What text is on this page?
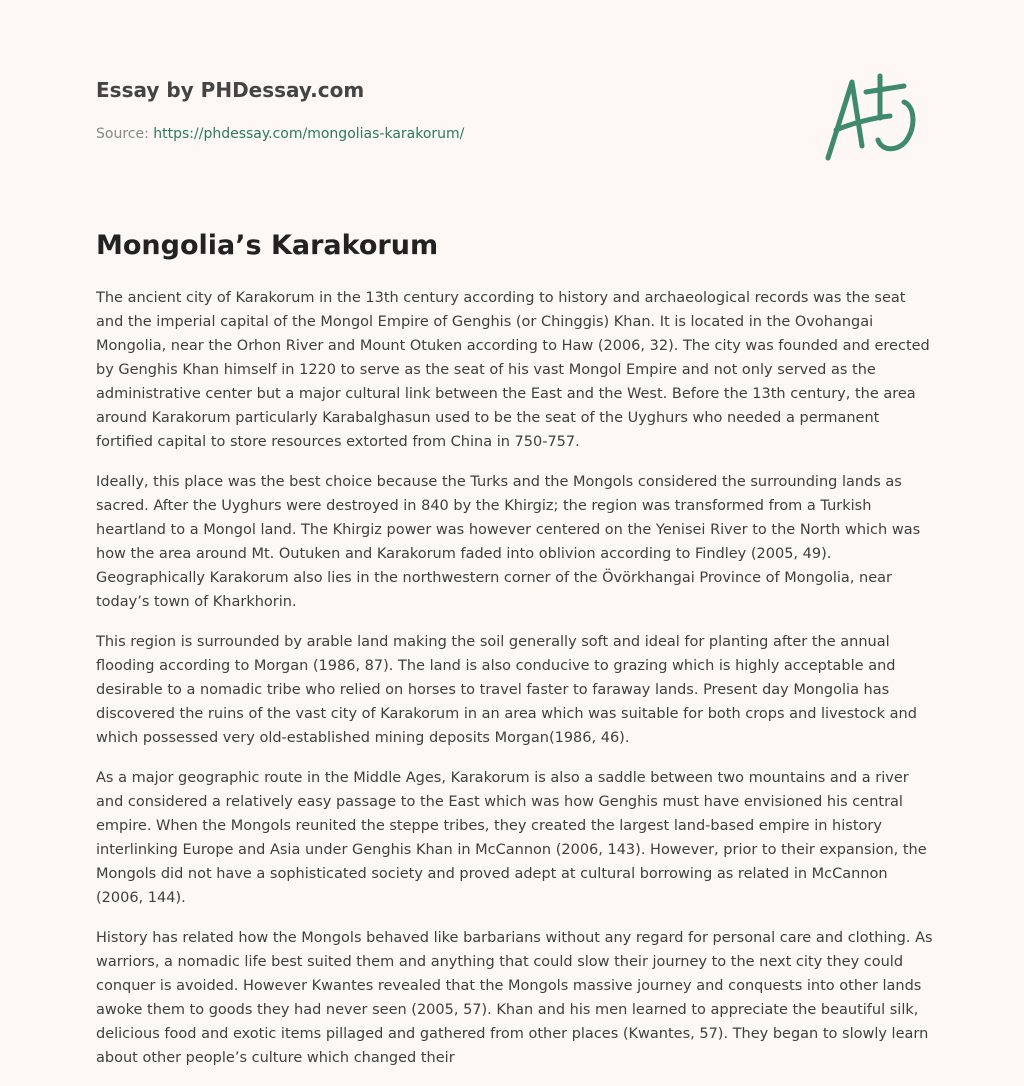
Essay by PHDessay.com
Source: https://phdessay.com/mongolias-karakorum/
Mongolia’s Karakorum

The ancient city of Karakorum in the 13th century according to history and archaeological records was the seat and the imperial capital of the Mongol Empire of Genghis (or Chinggis) Khan. It is located in the Ovohangai Mongolia, near the Orhon River and Mount Otuken according to Haw (2006, 32). The city was founded and erected by Genghis Khan himself in 1220 to serve as the seat of his vast Mongol Empire and not only served as the administrative center but a major cultural link between the East and the West. Before the 13th century, the area around Karakorum particularly Karabalghasun used to be the seat of the Uyghurs who needed a permanent fortified capital to store resources extorted from China in 750-757.

Ideally, this place was the best choice because the Turks and the Mongols considered the surrounding lands as sacred. After the Uyghurs were destroyed in 840 by the Khirgiz; the region was transformed from a Turkish heartland to a Mongol land. The Khirgiz power was however centered on the Yenisei River to the North which was how the area around Mt. Outuken and Karakorum faded into oblivion according to Findley (2005, 49). Geographically Karakorum also lies in the northwestern corner of the Övörkhangai Province of Mongolia, near today’s town of Kharkhorin.

This region is surrounded by arable land making the soil generally soft and ideal for planting after the annual flooding according to Morgan (1986, 87). The land is also conducive to grazing which is highly acceptable and desirable to a nomadic tribe who relied on horses to travel faster to faraway lands. Present day Mongolia has discovered the ruins of the vast city of Karakorum in an area which was suitable for both crops and livestock and which possessed very old-established mining deposits Morgan(1986, 46).

As a major geographic route in the Middle Ages, Karakorum is also a saddle between two mountains and a river and considered a relatively easy passage to the East which was how Genghis must have envisioned his central empire. When the Mongols reunited the steppe tribes, they created the largest land-based empire in history interlinking Europe and Asia under Genghis Khan in McCannon (2006, 143). However, prior to their expansion, the Mongols did not have a sophisticated society and proved adept at cultural borrowing as related in McCannon (2006, 144).

History has related how the Mongols behaved like barbarians without any regard for personal care and clothing. As warriors, a nomadic life best suited them and anything that could slow their journey to the next city they could conquer is avoided. However Kwantes revealed that the Mongols massive journey and conquests into other lands awoke them to goods they had never seen (2005, 57). Khan and his men learned to appreciate the beautiful silk, delicious food and exotic items pillaged and gathered from other places (Kwantes, 57). They began to slowly learn about other people’s culture which changed their
